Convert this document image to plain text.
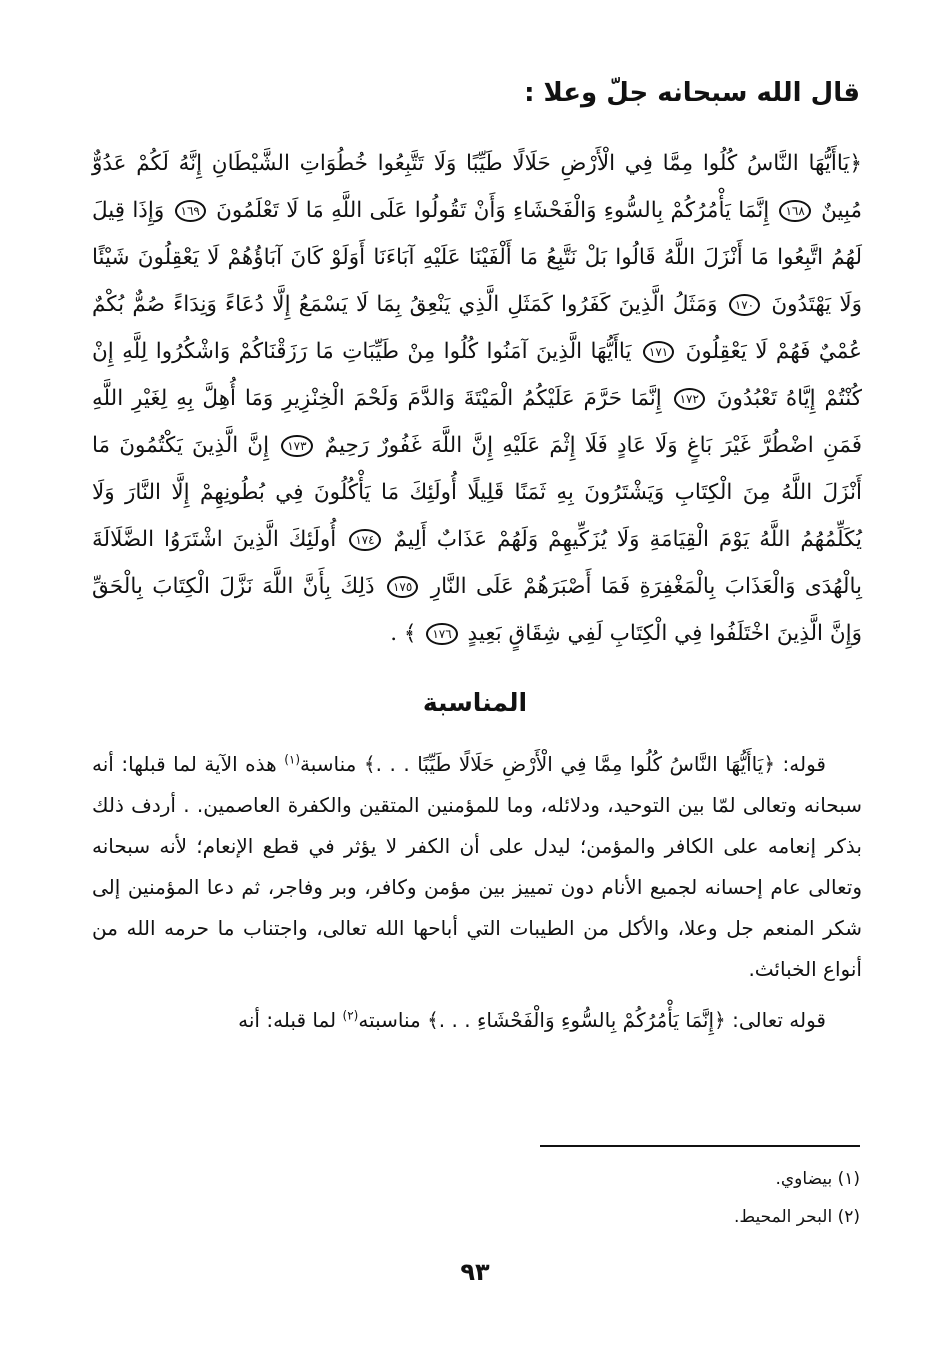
قال الله سبحانه جلّ وعلا :
﴿يَاأَيُّهَا النَّاسُ كُلُوا مِمَّا فِي الْأَرْضِ حَلَالًا طَيِّبًا وَلَا تَتَّبِعُوا خُطُوَاتِ الشَّيْطَانِ إِنَّهُ لَكُمْ عَدُوٌّ مُبِينٌ ١٦٨ إِنَّمَا يَأْمُرُكُمْ بِالسُّوءِ وَالْفَحْشَاءِ وَأَنْ تَقُولُوا عَلَى اللَّهِ مَا لَا تَعْلَمُونَ ١٦٩ وَإِذَا قِيلَ لَهُمُ اتَّبِعُوا مَا أَنْزَلَ اللَّهُ قَالُوا بَلْ نَتَّبِعُ مَا أَلْفَيْنَا عَلَيْهِ آبَاءَنَا أَوَلَوْ كَانَ آبَاؤُهُمْ لَا يَعْقِلُونَ شَيْئًا وَلَا يَهْتَدُونَ ١٧٠ وَمَثَلُ الَّذِينَ كَفَرُوا كَمَثَلِ الَّذِي يَنْعِقُ بِمَا لَا يَسْمَعُ إِلَّا دُعَاءً وَنِدَاءً صُمٌّ بُكْمٌ عُمْيٌ فَهُمْ لَا يَعْقِلُونَ ١٧١ يَاأَيُّهَا الَّذِينَ آمَنُوا كُلُوا مِنْ طَيِّبَاتِ مَا رَزَقْنَاكُمْ وَاشْكُرُوا لِلَّهِ إِنْ كُنْتُمْ إِيَّاهُ تَعْبُدُونَ ١٧٢ إِنَّمَا حَرَّمَ عَلَيْكُمُ الْمَيْتَةَ وَالدَّمَ وَلَحْمَ الْخِنْزِيرِ وَمَا أُهِلَّ بِهِ لِغَيْرِ اللَّهِ فَمَنِ اضْطُرَّ غَيْرَ بَاغٍ وَلَا عَادٍ فَلَا إِثْمَ عَلَيْهِ إِنَّ اللَّهَ غَفُورٌ رَحِيمٌ ١٧٣ إِنَّ الَّذِينَ يَكْتُمُونَ مَا أَنْزَلَ اللَّهُ مِنَ الْكِتَابِ وَيَشْتَرُونَ بِهِ ثَمَنًا قَلِيلًا أُولَئِكَ مَا يَأْكُلُونَ فِي بُطُونِهِمْ إِلَّا النَّارَ وَلَا يُكَلِّمُهُمُ اللَّهُ يَوْمَ الْقِيَامَةِ وَلَا يُزَكِّيهِمْ وَلَهُمْ عَذَابٌ أَلِيمٌ ١٧٤ أُولَئِكَ الَّذِينَ اشْتَرَوُا الضَّلَالَةَ بِالْهُدَى وَالْعَذَابَ بِالْمَغْفِرَةِ فَمَا أَصْبَرَهُمْ عَلَى النَّارِ ١٧٥ ذَلِكَ بِأَنَّ اللَّهَ نَزَّلَ الْكِتَابَ بِالْحَقِّ وَإِنَّ الَّذِينَ اخْتَلَفُوا فِي الْكِتَابِ لَفِي شِقَاقٍ بَعِيدٍ ١٧٦ ﴾ .
المناسبة

قوله: ﴿يَاأَيُّهَا النَّاسُ كُلُوا مِمَّا فِي الْأَرْضِ حَلَالًا طَيِّبًا . . .﴾ مناسبة$^{(١)}$ هذه الآية لما قبلها: أنه سبحانه وتعالى لمّا بين التوحيد، ودلائله، وما للمؤمنين المتقين والكفرة العاصمين. . أردف ذلك بذكر إنعامه على الكافر والمؤمن؛ ليدل على أن الكفر لا يؤثر في قطع الإنعام؛ لأنه سبحانه وتعالى عام إحسانه لجميع الأنام دون تمييز بين مؤمن وكافر، وبر وفاجر، ثم دعا المؤمنين إلى شكر المنعم جل وعلا، والأكل من الطيبات التي أباحها الله تعالى، واجتناب ما حرمه الله من أنواع الخبائث.

قوله تعالى: ﴿إِنَّمَا يَأْمُرُكُمْ بِالسُّوءِ وَالْفَحْشَاءِ . . .﴾ مناسبته$^{(٢)}$ لما قبله: أنه

(١) بيضاوي.
(٢) البحر المحيط.
٩٣
